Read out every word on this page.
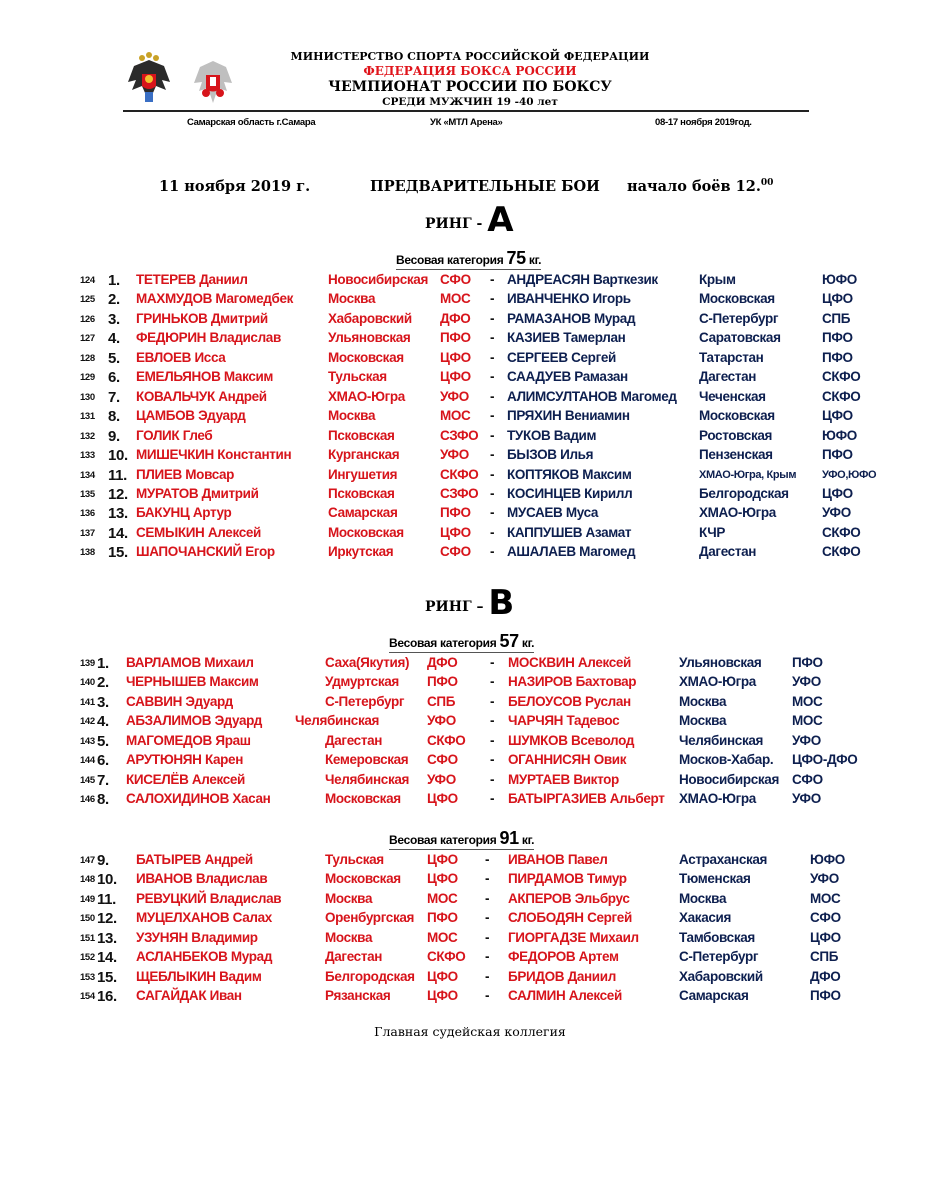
МИНИСТЕРСТВО СПОРТА РОССИЙСКОЙ ФЕДЕРАЦИИ
ФЕДЕРАЦИЯ БОКСА РОССИИ
ЧЕМПИОНАТ РОССИИ ПО БОКСУ
СРЕДИ МУЖЧИН 19 -40 лет
Самарская область г.Самара	УК «МТЛ Арена»	08-17 ноября 2019год.
11 ноября 2019 г.	ПРЕДВАРИТЕЛЬНЫЕ БОИ начало боёв 12.00
РИНГ - А
Весовая категория 75 кг.
124 1. ТЕТЕРЕВ Даниил	Новосибирская СФО - АНДРЕАСЯН Варткезик	Крым	ЮФО
125 2. МАХМУДОВ Магомедбек	Москва	МОС - ИВАНЧЕНКО Игорь	Московская	ЦФО
126 3. ГРИНЬКОВ Дмитрий	Хабаровский ДФО - РАМАЗАНОВ Мурад	С-Петербург	СПБ
127 4. ФЕДЮРИН Владислав	Ульяновская ПФО - КАЗИЕВ Тамерлан	Саратовская	ПФО
128 5. ЕВЛОЕВ Исса	Московская	ЦФО - СЕРГЕЕВ Сергей	Татарстан	ПФО
129 6. ЕМЕЛЬЯНОВ Максим	Тульская	ЦФО - СААДУЕВ Рамазан	Дагестан	СКФО
130 7. КОВАЛЬЧУК Андрей	ХМАО-Югра	УФО - АЛИМСУЛТАНОВ Магомед Чеченская	СКФО
131 8. ЦАМБОВ Эдуард	Москва	МОС - ПРЯХИН Вениамин	Московская	ЦФО
132 9. ГОЛИК Глеб	Псковская	СЗФО - ТУКОВ Вадим	Ростовская	ЮФО
133 10. МИШЕЧКИН Константин	Курганская	УФО - БЫЗОВ Илья	Пензенская	ПФО
134 11. ПЛИЕВ Мовсар	Ингушетия	СКФО - КОПТЯКОВ Максим	ХМАО-Югра, Крым УФО,ЮФО
135 12. МУРАТОВ Дмитрий	Псковская	СЗФО - КОСИНЦЕВ Кирилл	Белгородская ЦФО
136 13. БАКУНЦ Артур	Самарская	ПФО - МУСАЕВ Муса	ХМАО-Югра	УФО
137 14. СЕМЫКИН Алексей	Московская	ЦФО - КАППУШЕВ Азамат	КЧР	СКФО
138 15. ШАПОЧАНСКИЙ Егор	Иркутская	СФО - АШАЛАЕВ Магомед	Дагестан	СКФО
РИНГ – В
Весовая категория 57 кг.
139 1. ВАРЛАМОВ Михаил	Саха(Якутия) ДФО - МОСКВИН Алексей	Ульяновская ПФО
140 2. ЧЕРНЫШЕВ Максим	Удмуртская ПФО - НАЗИРОВ Бахтовар	ХМАО-Югра	УФО
141 3. САВВИН Эдуард	С-Петербург СПБ	- БЕЛОУСОВ Руслан	Москва	МОС
142 4. АБЗАЛИМОВ Эдуард Челябинская	УФО	- ЧАРЧЯН Тадевос	Москва	МОС
143 5. МАГОМЕДОВ Яраш	Дагестан	СКФО - ШУМКОВ Всеволод	Челябинская УФО
144 6. АРУТЮНЯН Карен	Кемеровская СФО - ОГАННИСЯН Овик	Москов-Хабар. ЦФО-ДФО
145 7. КИСЕЛЁВ Алексей	Челябинская УФО	- МУРТАЕВ Виктор	Новосибирская СФО
146 8. САЛОХИДИНОВ Хасан	Московская ЦФО - БАТЫРГАЗИЕВ Альберт ХМАО-Югра	УФО
Весовая категория 91 кг.
147 9. БАТЫРЕВ Андрей	Тульская	ЦФО - ИВАНОВ Павел	Астраханская	ЮФО
148 10. ИВАНОВ Владислав	Московская ЦФО - ПИРДАМОВ Тимур	Тюменская	УФО
149 11. РЕВУЦКИЙ Владислав	Москва	МОС - АКПЕРОВ Эльбрус	Москва	МОС
150 12. МУЦЕЛХАНОВ Салах	Оренбургская ПФО - СЛОБОДЯН Сергей	Хакасия	СФО
151 13. УЗУНЯН Владимир	Москва	МОС - ГИОРГАДЗЕ Михаил	Тамбовская	ЦФО
152 14. АСЛАНБЕКОВ Мурад	Дагестан	СКФО - ФЕДОРОВ Артем	С-Петербург	СПБ
153 15. ЩЕБЛЫКИН Вадим	Белгородская ЦФО - БРИДОВ Даниил	Хабаровский	ДФО
154 16. САГАЙДАК Иван	Рязанская	ЦФО - САЛМИН Алексей	Самарская	ПФО
Главная судейская коллегия
